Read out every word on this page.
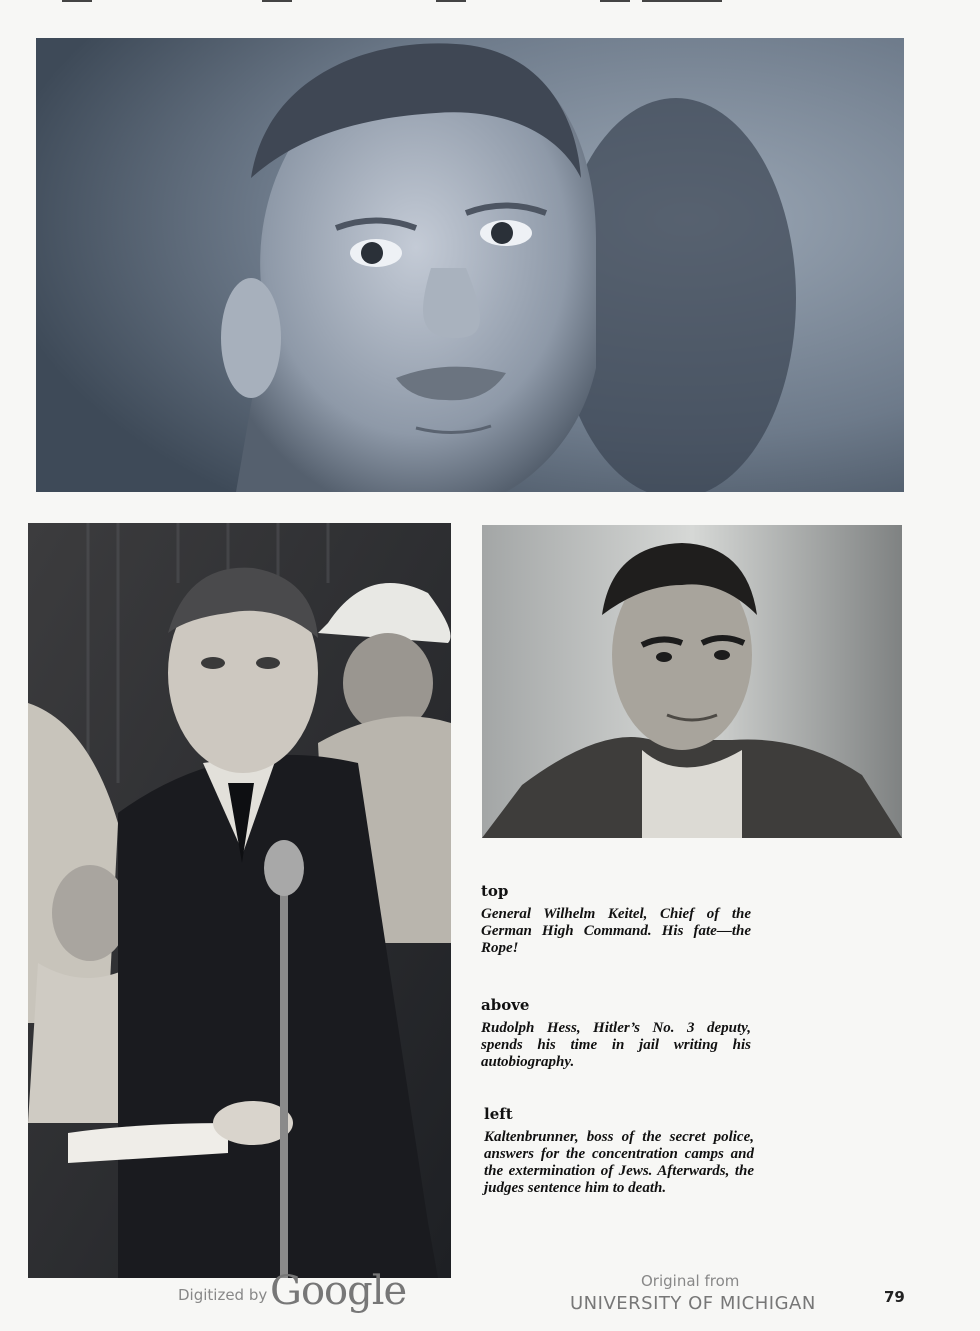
top

General Wilhelm Keitel, Chief of the German High Command. His fate—the Rope!

above

Rudolph Hess, Hitler’s No. 3 deputy, spends his time in jail writing his autobiography.

left

Kaltenbrunner, boss of the secret police, answers for the concentration camps and the extermination of Jews. Afterwards, the judges sentence him to death.

Digitized by Google	Original from
UNIVERSITY OF MICHIGAN	79
